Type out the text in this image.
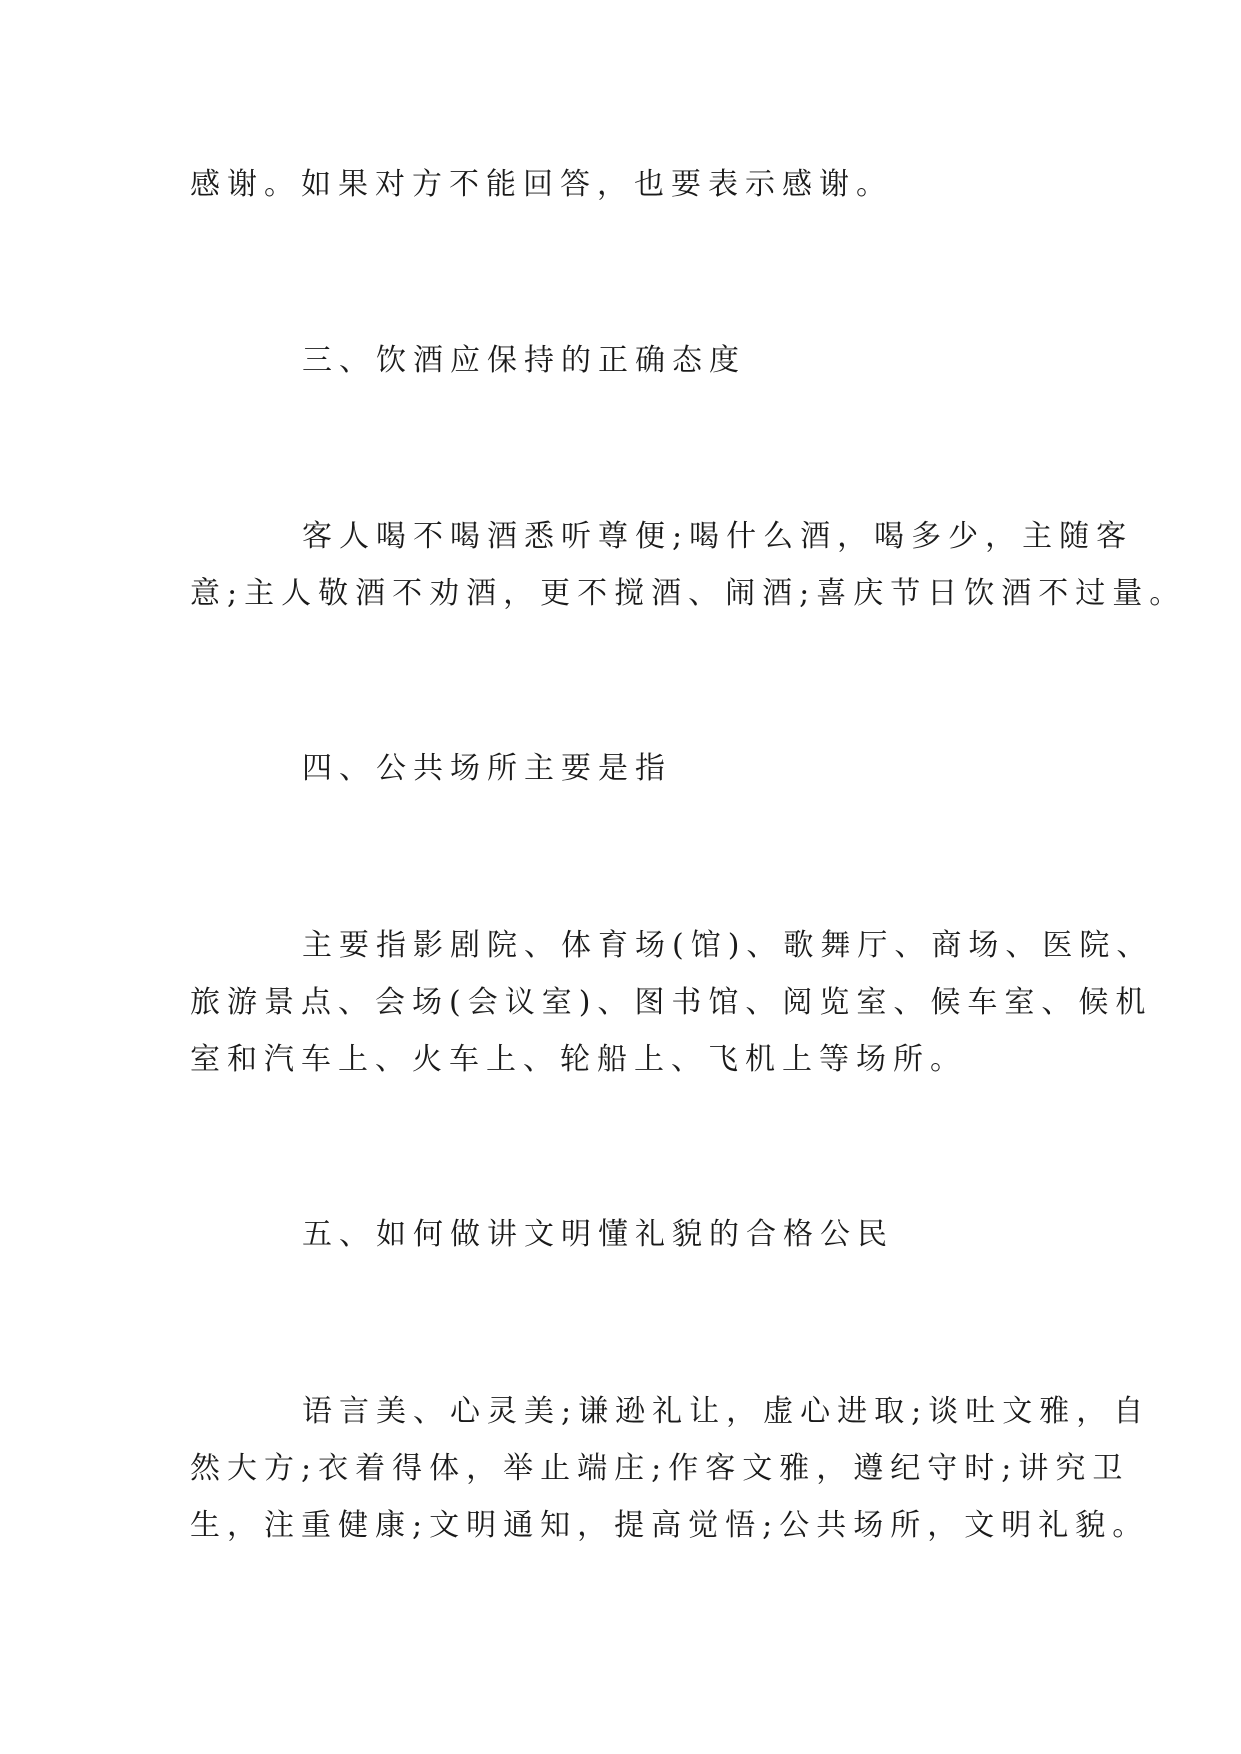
感谢。如果对方不能回答，也要表示感谢。

三、饮酒应保持的正确态度

客人喝不喝酒悉听尊便;喝什么酒，喝多少，主随客

意;主人敬酒不劝酒，更不搅酒、闹酒;喜庆节日饮酒不过量。

四、公共场所主要是指

主要指影剧院、体育场(馆)、歌舞厅、商场、医院、

旅游景点、会场(会议室)、图书馆、阅览室、候车室、候机

室和汽车上、火车上、轮船上、飞机上等场所。

五、如何做讲文明懂礼貌的合格公民

语言美、心灵美;谦逊礼让，虚心进取;谈吐文雅，自

然大方;衣着得体，举止端庄;作客文雅，遵纪守时;讲究卫

生，注重健康;文明通知，提高觉悟;公共场所，文明礼貌。
